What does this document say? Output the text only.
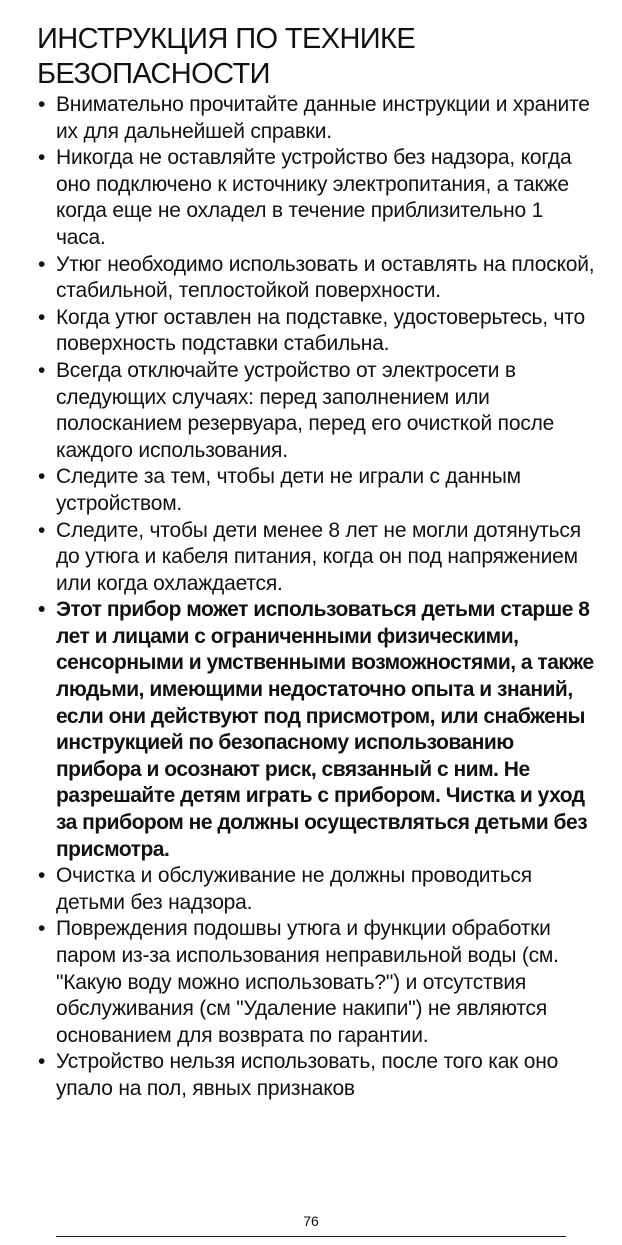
ИНСТРУКЦИЯ ПО ТЕХНИКЕ БЕЗОПАСНОСТИ
• Внимательно прочитайте данные инструкции и храните их для дальнейшей справки.
• Никогда не оставляйте устройство без надзора, когда оно подключено к источнику электропитания, а также когда еще не охладел в течение приблизительно 1 часа.
• Утюг необходимо использовать и оставлять на плоской, стабильной, теплостойкой поверхности.
• Когда утюг оставлен на подставке, удостоверьтесь, что поверхность подставки стабильна.
• Всегда отключайте устройство от электросети в следующих случаях: перед заполнением или полосканием резервуара, перед его очисткой после каждого использования.
• Следите за тем, чтобы дети не играли с данным устройством.
• Следите, чтобы дети менее 8 лет не могли дотянуться до утюга и кабеля питания, когда он под напряжением или когда охлаждается.
• Этот прибор может использоваться детьми старше 8 лет и лицами с ограниченными физическими, сенсорными и умственными возможностями, а также людьми, имеющими недостаточно опыта и знаний, если они действуют под присмотром, или снабжены инструкцией по безопасному использованию прибора и осознают риск, связанный с ним. Не разрешайте детям играть с прибором. Чистка и уход за прибором не должны осуществляться детьми без присмотра.
• Очистка и обслуживание не должны проводиться детьми без надзора.
• Повреждения подошвы утюга и функции обработки паром из-за использования неправильной воды (см. "Какую воду можно использовать?") и отсутствия обслуживания (см "Удаление накипи") не являются основанием для возврата по гарантии.
• Устройство нельзя использовать, после того как оно упало на пол, явных признаков
76
